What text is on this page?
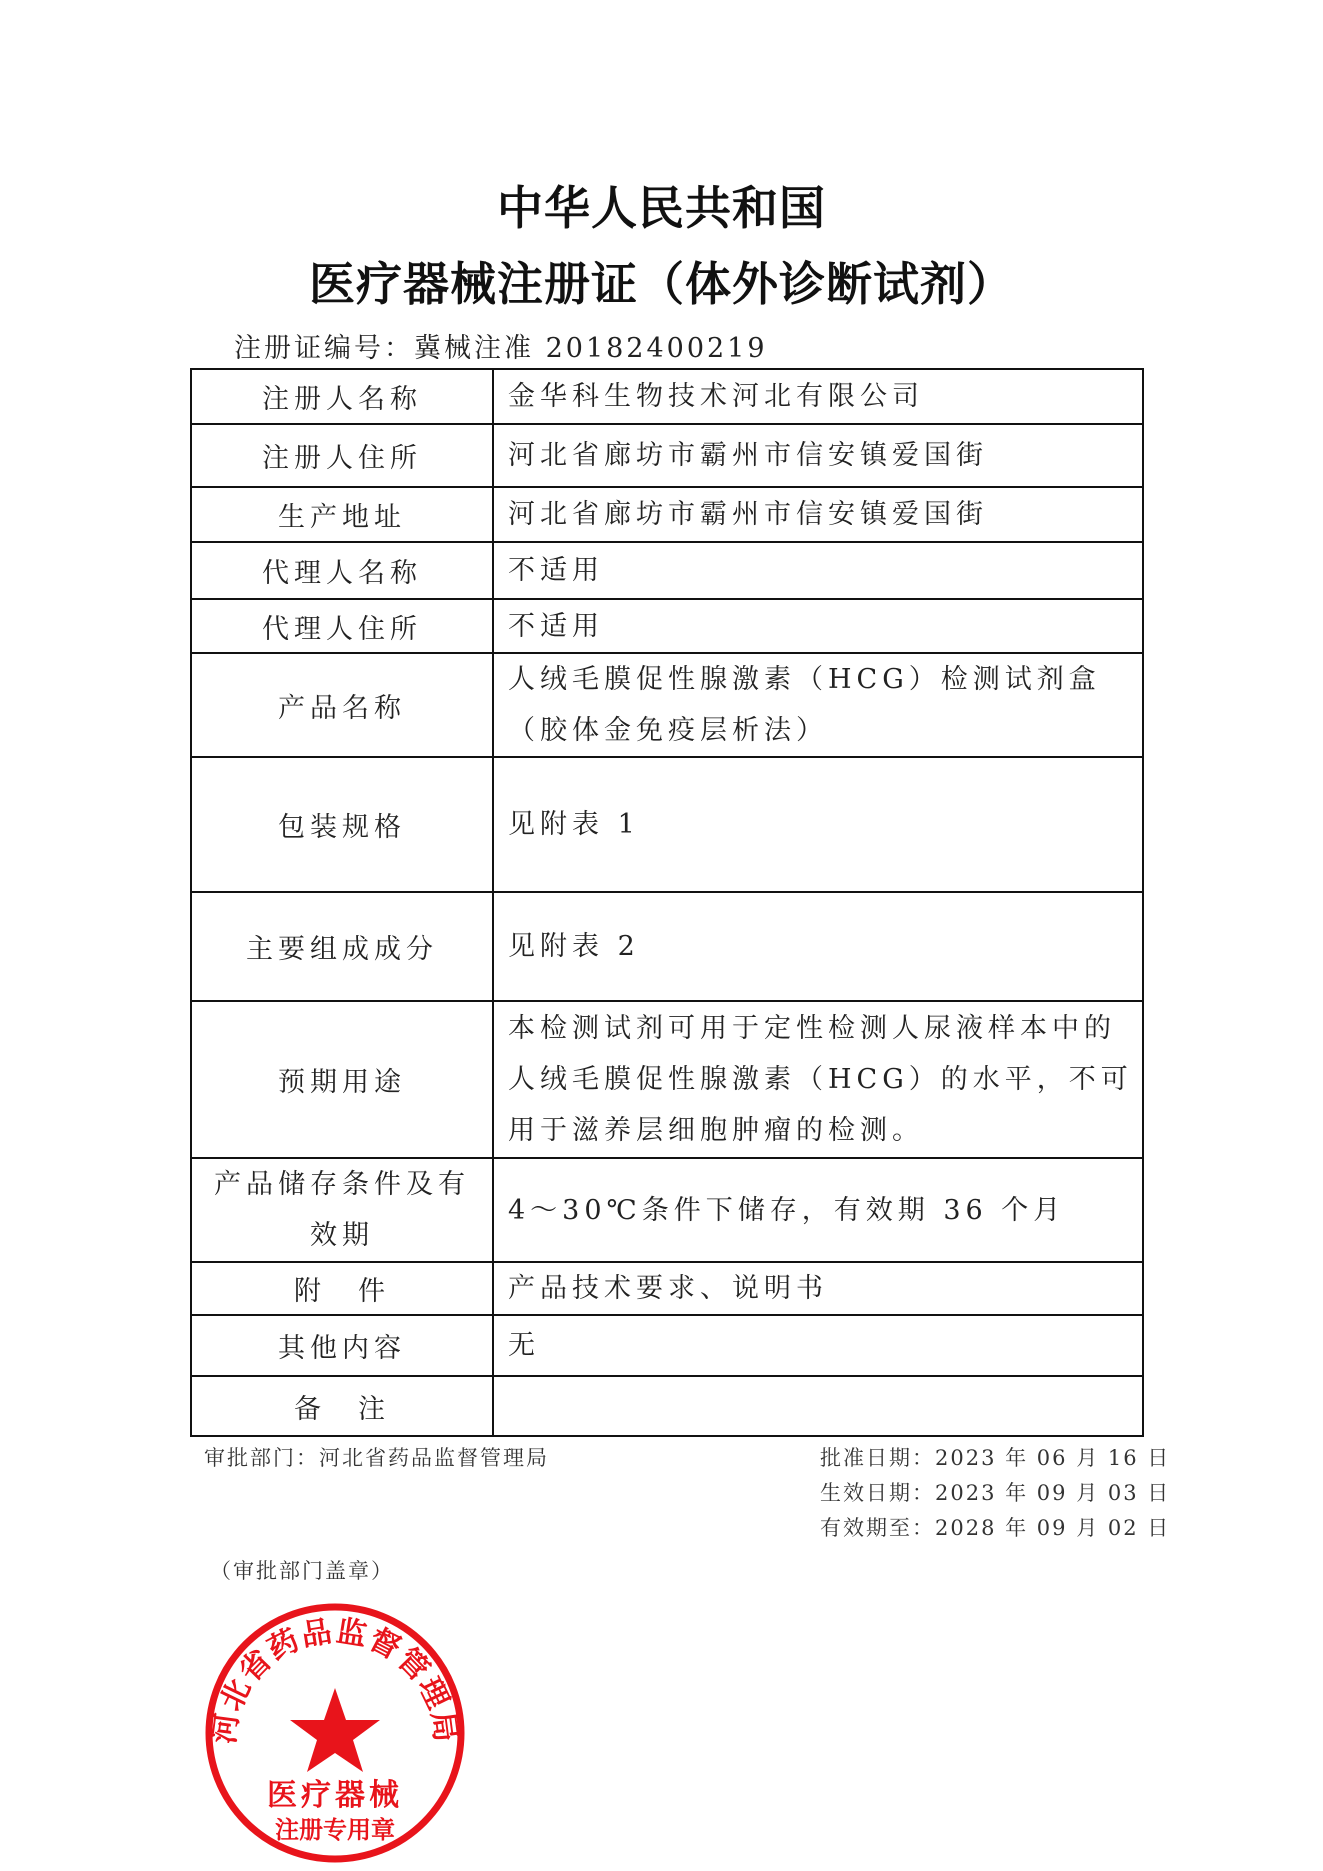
中华人民共和国
医疗器械注册证（体外诊断试剂）
注册证编号：冀械注准 20182400219
注册人名称	金华科生物技术河北有限公司
注册人住所	河北省廊坊市霸州市信安镇爱国街
生产地址	河北省廊坊市霸州市信安镇爱国街
代理人名称	不适用
代理人住所	不适用
产品名称	人绒毛膜促性腺激素（HCG）检测试剂盒（胶体金免疫层析法）
包装规格	见附表 1
主要组成成分	见附表 2
预期用途	本检测试剂可用于定性检测人尿液样本中的人绒毛膜促性腺激素（HCG）的水平，不可用于滋养层细胞肿瘤的检测。
产品储存条件及有效期	4～30℃条件下储存，有效期 36 个月
附　件	产品技术要求、说明书
其他内容	无
备　注	
审批部门：河北省药品监督管理局	批准日期：2023 年 06 月 16 日
生效日期：2023 年 09 月 03 日
有效期至：2028 年 09 月 02 日
（审批部门盖章）
河北省药品监督管理局
医疗器械
注册专用章
